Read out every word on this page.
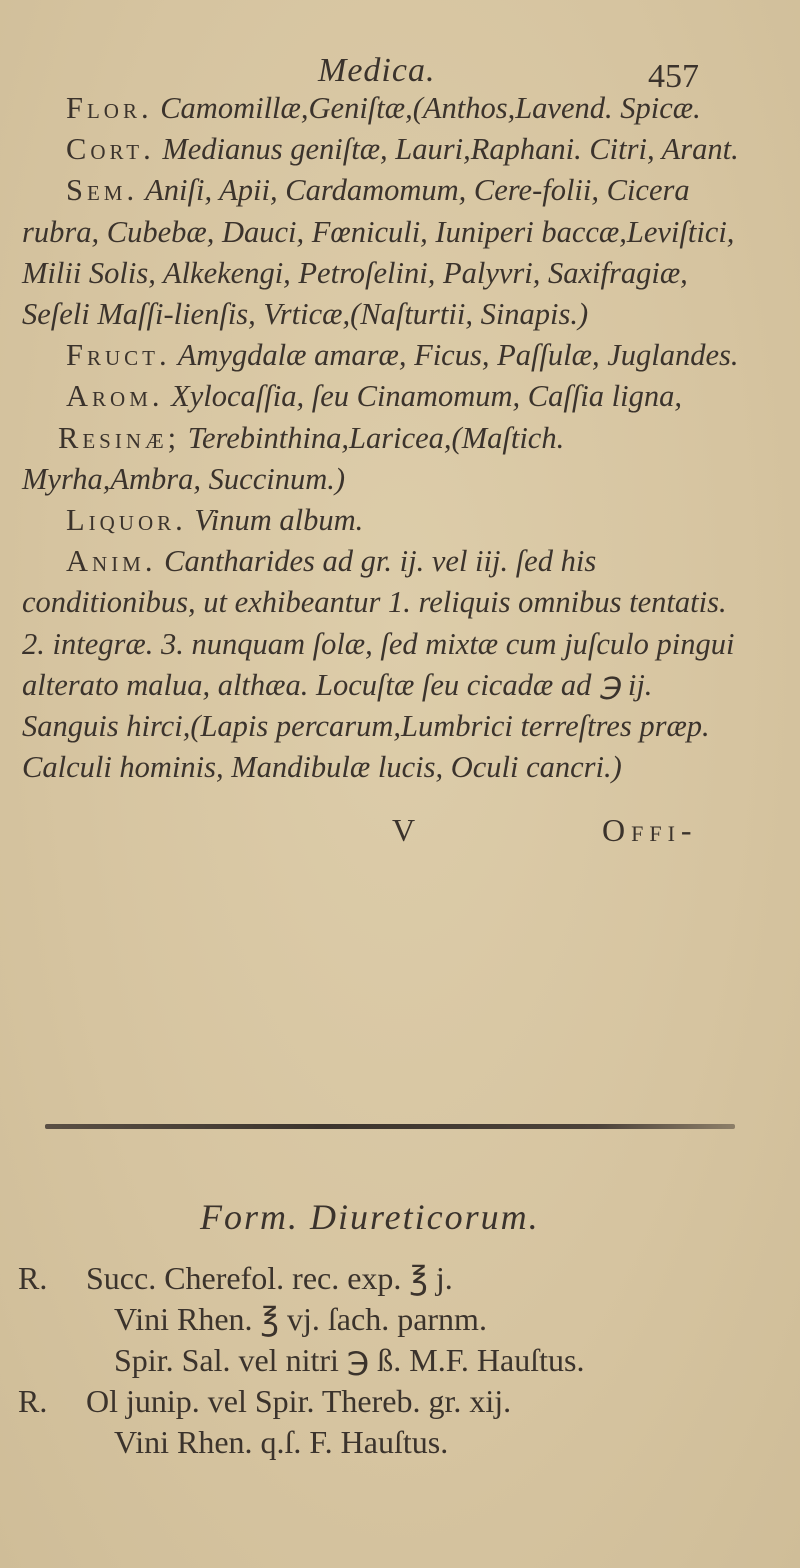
Medica.	457

Flor. Camomillæ,Geniſtæ,(Anthos,Lavend. Spicæ.

Cort. Medianus geniſtæ, Lauri,Raphani. Citri, Arant.

Sem. Aniſi, Apii, Cardamomum, Cere-folii, Cicera rubra, Cubebæ, Dauci, Fœniculi, Iuniperi baccæ,Leviſtici, Milii Solis, Alkekengi, Petroſelini, Palyvri, Saxifragiæ, Seſeli Maſſi-lienſis, Vrticæ,(Naſturtii, Sinapis.)

Fruct. Amygdalæ amaræ, Ficus, Paſſulæ, Juglandes.

Arom. Xylocaſſia, ſeu Cinamomum, Caſſia ligna,

Resinæ; Terebinthina,Laricea,(Maſtich. Myrha,Ambra, Succinum.)

Liquor. Vinum album.

Anim. Cantharides ad gr. ij. vel iij. ſed his conditionibus, ut exhibeantur 1. reliquis omnibus tentatis. 2. integræ. 3. nunquam ſolæ, ſed mixtæ cum juſculo pingui alterato malua, althæa. Locuſtæ ſeu cicadæ ad ℈ ij. Sanguis hirci,(Lapis percarum,Lumbrici terreſtres præp. Calculi hominis, Mandibulæ lucis, Oculi cancri.)

V	Offi-
Form. Diureticorum.
R. Succ. Cherefol. rec. exp. ℥ j.
Vini Rhen. ℥ vj. ſach. parnm.
Spir. Sal. vel nitri ℈ ß. M.F. Hauſtus.
R. Ol junip. vel Spir. Thereb. gr. xij.
Vini Rhen. q.ſ. F. Hauſtus.
